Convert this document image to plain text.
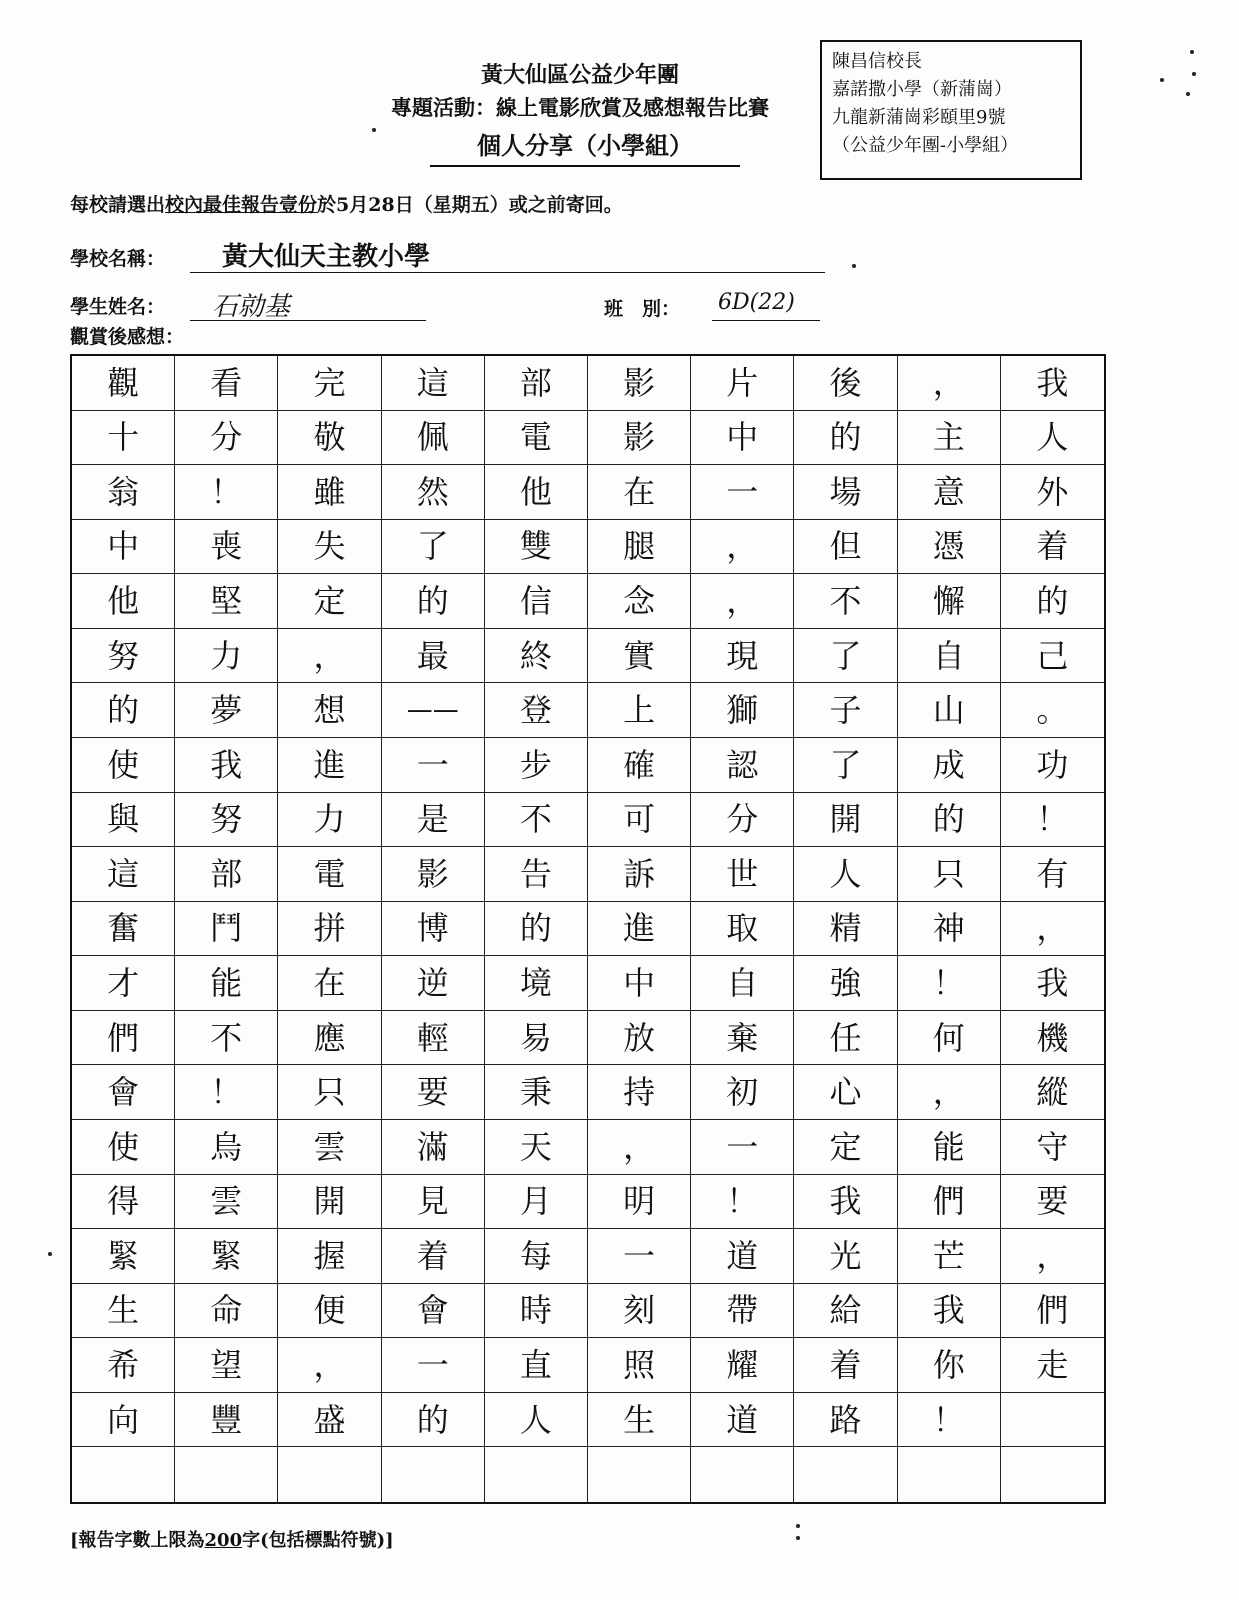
黃大仙區公益少年團
專題活動：線上電影欣賞及感想報告比賽
個人分享（小學組）
陳昌信校長
嘉諾撒小學（新蒲崗）
九龍新蒲崗彩頤里9號
（公益少年團-小學組）
每校請選出校內最佳報告壹份於5月28日（星期五）或之前寄回。
學校名稱： 黃大仙天主教小學
學生姓名： 石勍基	班　別： 6D(22)
觀賞後感想：
觀	看	完	這	部	影	片	後	，	我
十	分	敬	佩	電	影	中	的	主	人
翁	！	雖	然	他	在	一	場	意	外
中	喪	失	了	雙	腿	，	但	憑	着
他	堅	定	的	信	念	，	不	懈	的
努	力	，	最	終	實	現	了	自	己
的	夢	想	——	登	上	獅	子	山	。
使	我	進	一	步	確	認	了	成	功
與	努	力	是	不	可	分	開	的	！
這	部	電	影	告	訴	世	人	只	有
奮	鬥	拼	博	的	進	取	精	神	，
才	能	在	逆	境	中	自	強	！	我
們	不	應	輕	易	放	棄	任	何	機
會	！	只	要	秉	持	初	心	，	縱
使	烏	雲	滿	天	，	一	定	能	守
得	雲	開	見	月	明	！	我	們	要
緊	緊	握	着	每	一	道	光	芒	，
生	命	便	會	時	刻	帶	給	我	們
希	望	，	一	直	照	耀	着	你	走
向	豐	盛	的	人	生	道	路	！
[報告字數上限為200字(包括標點符號)]
